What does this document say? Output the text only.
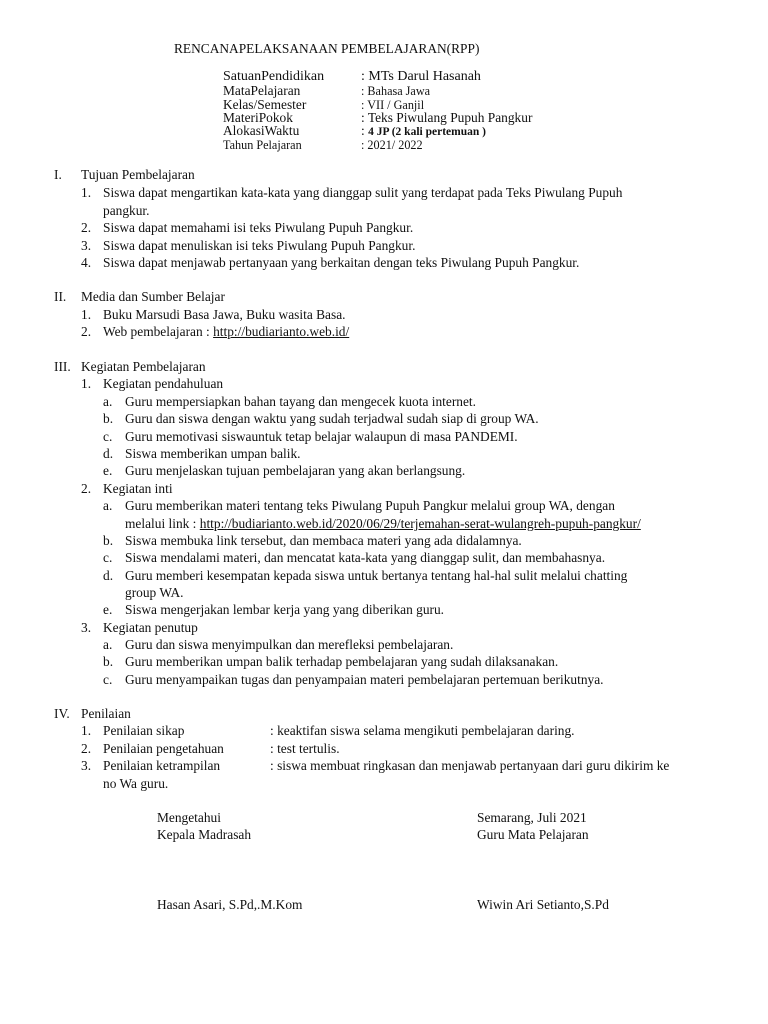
RENCANAPELAKSANAAN PEMBELAJARAN(RPP)
SatuanPendidikan	: MTs Darul Hasanah
MataPelajaran	: Bahasa Jawa
Kelas/Semester	: VII / Ganjil
MateriPokok	: Teks Piwulang Pupuh Pangkur
AlokasiWaktu	: 4 JP (2 kali pertemuan )
Tahun Pelajaran	: 2021/ 2022
I. Tujuan Pembelajaran
1. Siswa dapat mengartikan kata-kata yang dianggap sulit yang terdapat pada Teks Piwulang Pupuh
pangkur.
2. Siswa dapat memahami isi teks Piwulang Pupuh Pangkur.
3. Siswa dapat menuliskan isi teks Piwulang Pupuh Pangkur.
4. Siswa dapat menjawab pertanyaan yang berkaitan dengan teks Piwulang Pupuh Pangkur.
II. Media dan Sumber Belajar
1. Buku Marsudi Basa Jawa, Buku wasita Basa.
2. Web pembelajaran : http://budiarianto.web.id/
III. Kegiatan Pembelajaran
1. Kegiatan pendahuluan
a. Guru mempersiapkan bahan tayang dan mengecek kuota internet.
b. Guru dan siswa dengan waktu yang sudah terjadwal sudah siap di group WA.
c. Guru memotivasi siswauntuk tetap belajar walaupun di masa PANDEMI.
d. Siswa memberikan umpan balik.
e. Guru menjelaskan tujuan pembelajaran yang akan berlangsung.
2. Kegiatan inti
a. Guru memberikan materi tentang teks Piwulang Pupuh Pangkur melalui group WA, dengan
melalui link : http://budiarianto.web.id/2020/06/29/terjemahan-serat-wulangreh-pupuh-pangkur/
b. Siswa membuka link tersebut, dan membaca materi yang ada didalamnya.
c. Siswa mendalami materi, dan mencatat kata-kata yang dianggap sulit, dan membahasnya.
d. Guru memberi kesempatan kepada siswa untuk bertanya tentang hal-hal sulit melalui chatting
group WA.
e. Siswa mengerjakan lembar kerja yang yang diberikan guru.
3. Kegiatan penutup
a. Guru dan siswa menyimpulkan dan merefleksi pembelajaran.
b. Guru memberikan umpan balik terhadap pembelajaran yang sudah dilaksanakan.
c. Guru menyampaikan tugas dan penyampaian materi pembelajaran pertemuan berikutnya.
IV. Penilaian
1. Penilaian sikap	: keaktifan siswa selama mengikuti pembelajaran daring.
2. Penilaian pengetahuan	: test tertulis.
3. Penilaian ketrampilan	: siswa membuat ringkasan dan menjawab pertanyaan dari guru dikirim ke
no Wa guru.
Mengetahui
Kepala Madrasah
Hasan Asari, S.Pd,.M.Kom
Semarang, Juli 2021
Guru Mata Pelajaran
Wiwin Ari Setianto,S.Pd
